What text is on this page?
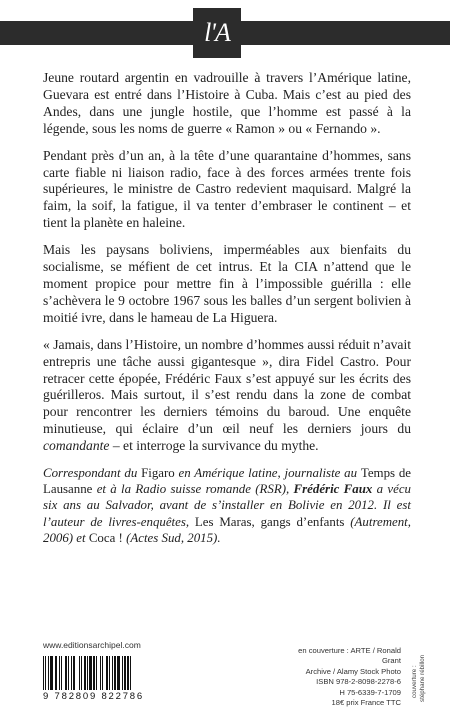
l'A

Jeune routard argentin en vadrouille à travers l’Amérique latine, Guevara est entré dans l’Histoire à Cuba. Mais c’est au pied des Andes, dans une jungle hostile, que l’homme est passé à la légende, sous les noms de guerre « Ramon » ou « Fernando ».

Pendant près d’un an, à la tête d’une quarantaine d’hommes, sans carte fiable ni liaison radio, face à des forces armées trente fois supérieures, le ministre de Castro redevient maquisard. Malgré la faim, la soif, la fatigue, il va tenter d’embraser le continent – et tient la planète en haleine.

Mais les paysans boliviens, imperméables aux bienfaits du socialisme, se méfient de cet intrus. Et la CIA n’attend que le moment propice pour mettre fin à l’impossible guérilla : elle s’achèvera le 9 octobre 1967 sous les balles d’un sergent bolivien à moitié ivre, dans le hameau de La Higuera.

« Jamais, dans l’Histoire, un nombre d’hommes aussi réduit n’avait entrepris une tâche aussi gigantesque », dira Fidel Castro. Pour retracer cette épopée, Frédéric Faux s’est appuyé sur les écrits des guérilleros. Mais surtout, il s’est rendu dans la zone de combat pour rencontrer les derniers témoins du baroud. Une enquête minutieuse, qui éclaire d’un œil neuf les derniers jours du comandante – et interroge la survivance du mythe.

Correspondant du Figaro en Amérique latine, journaliste au Temps de Lausanne et à la Radio suisse romande (RSR), Frédéric Faux a vécu six ans au Salvador, avant de s’installer en Bolivie en 2012. Il est l’auteur de livres-enquêtes, Les Maras, gangs d’enfants (Autrement, 2006) et Coca ! (Actes Sud, 2015).

www.editionsarchipel.com
9 782809 822786
en couverture : ARTE / Ronald Grant
Archive / Alamy Stock Photo
ISBN 978-2-8098-2278-6
H 75-6339-7-1709
18€ prix France TTC
couverture : stéphane rébillon
